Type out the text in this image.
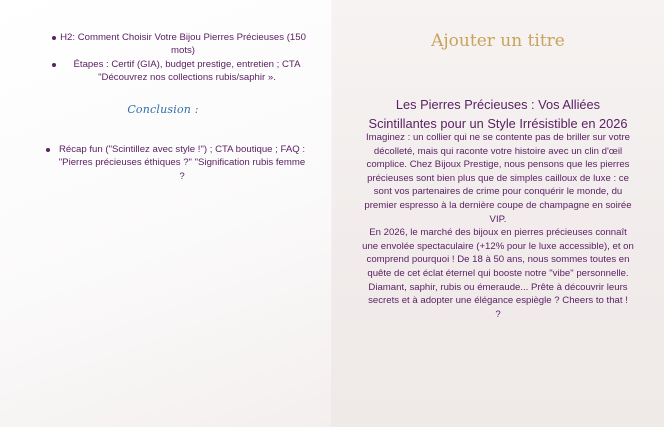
H2: Comment Choisir Votre Bijou Pierres Précieuses (150 mots)
Étapes : Certif (GIA), budget prestige, entretien ; CTA "Découvrez nos collections rubis/saphir ».
Conclusion :
Récap fun ("Scintillez avec style !") ; CTA boutique ; FAQ : "Pierres précieuses éthiques ?" "Signification rubis femme ?
Ajouter un titre
Les Pierres Précieuses : Vos Alliées
Scintillantes pour un Style Irrésistible en 2026

Imaginez : un collier qui ne se contente pas de briller sur votre décolleté, mais qui raconte votre histoire avec un clin d'œil complice. Chez Bijoux Prestige, nous pensons que les pierres précieuses sont bien plus que de simples cailloux de luxe : ce sont vos partenaires de crime pour conquérir le monde, du premier espresso à la dernière coupe de champagne en soirée VIP.

En 2026, le marché des bijoux en pierres précieuses connaît une envolée spectaculaire (+12% pour le luxe accessible), et on comprend pourquoi ! De 18 à 50 ans, nous sommes toutes en quête de cet éclat éternel qui booste notre "vibe" personnelle. Diamant, saphir, rubis ou émeraude... Prête à découvrir leurs secrets et à adopter une élégance espiègle ? Cheers to that !

?
